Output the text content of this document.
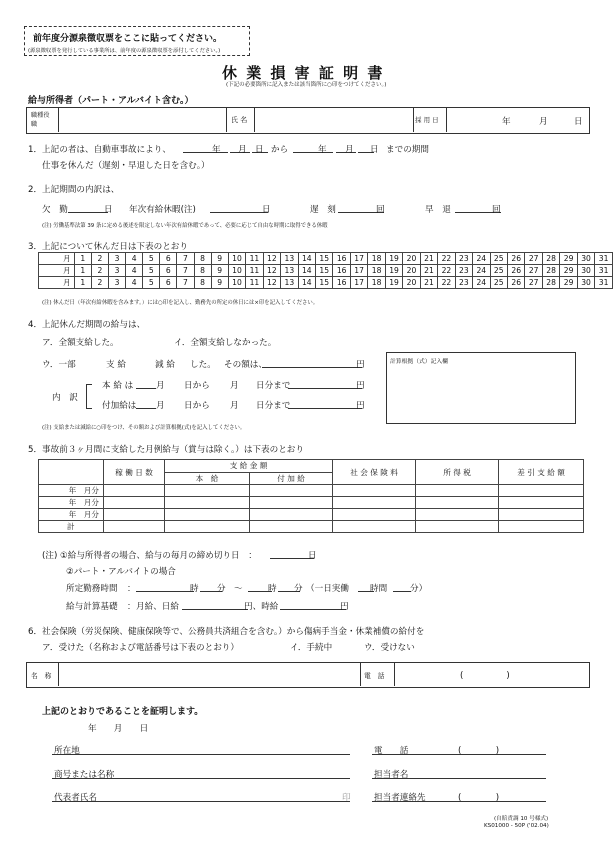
前年度分源泉徴収票をここに貼ってください。
(源泉徴収票を発行している事業所は、前年度の源泉徴収票を添付してください。)
休 業 損 害 証 明 書
(下記の必要箇所に記入または該当箇所に○印をつけてください。)
給与所得者（パート・アルバイト含む。）
職種役職
氏 名	採 用 日	年	月	日
1．上記の者は、自動車事故により、	年 月 日 から	年 月 日 までの期間
仕事を休んだ（遅刻・早退した日を含む。）
2．上記期間の内訳は、
欠　勤	日 年次有給休暇(注)	日	遅　刻	回	早　退	回
(注) 労働基準法第 39 条に定める後述を限定しない年次有給休暇であって、必要に応じて自由な時期に取得できる休暇
3．上記について休んだ日は下表のとおり
月	1	2	3	4	5	6	7	8	9	10	11	12	13	14	15	16	17	18	19	20	21	22	23	24	25	26	27	28	29	30	31
月	1	2	3	4	5	6	7	8	9	10	11	12	13	14	15	16	17	18	19	20	21	22	23	24	25	26	27	28	29	30	31
月	1	2	3	4	5	6	7	8	9	10	11	12	13	14	15	16	17	18	19	20	21	22	23	24	25	26	27	28	29	30	31
(注) 休んだ日（年次有給休暇を含みます。）には○印を記入し、勤務先の所定の休日には×印を記入してください。
4．上記休んだ期間の給与は、
ア．全額支給した。	イ．全額支給しなかった。
ウ．一部	支 給	減 給 した。 その額は、	円
内　訳
本 給 は	月 日から 月 日分まで	円
付加給は 月 日から 月 日分まで	円
計算根拠（式）記入欄
(注) 支給または減給に○印をつけ、その額および計算根拠(式)を記入してください。
5．事故前３ヶ月間に支給した月例給与（賞与は除く。）は下表のとおり
	稼 働 日 数	支 給 金 額		社 会 保 険 料	所 得 税	差 引 支 給 額
		本　給	付 加 給			
年　月分						
年　月分						
年　月分						
計						
(注) ①給与所得者の場合、給与の毎月の締め切り日　：	日
②パート・アルバイトの場合
所定勤務時間 ：	時 分 ～	時 分 （一日実働 時間	分）
給与計算基礎 ： 月給、日給	円、時給	円
6．社会保険（労災保険、健康保険等で、公務員共済組合を含む。）から傷病手当金・休業補償の給付を
ア．受けた（名称および電話番号は下表のとおり）	イ．手続中	ウ．受けない
名　称	電　話	(　　　　　)
上記のとおりであることを証明します。
年　　月　　日
所在地	電　　話	(　　　　)
商号または名称	担当者名
代表者氏名	印	担当者連絡先	(　　　　)
(自賠責調 10 号様式)
KS01000 - 50P ('02.04)
